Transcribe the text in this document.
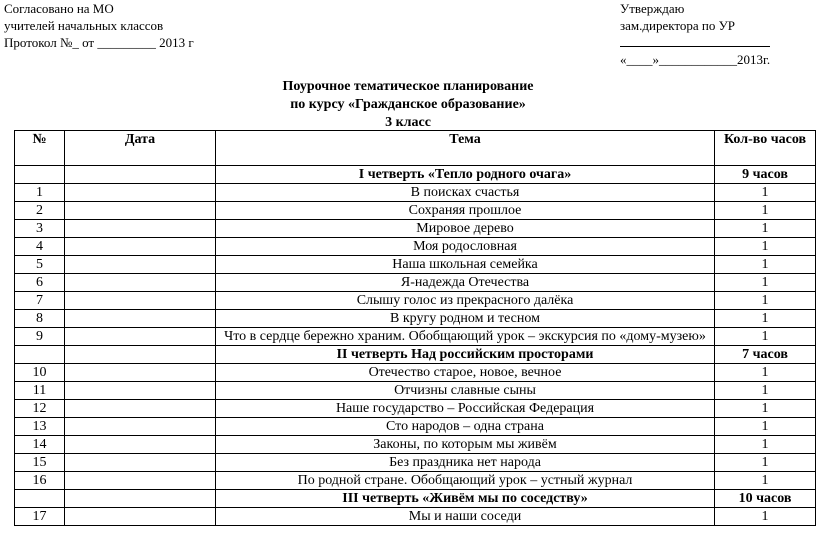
Согласовано на МО
учителей начальных классов
Протокол №_ от _________ 2013 г
Утверждаю
зам.директора по УР
«____»____________2013г.
Поурочное тематическое планирование
по курсу «Гражданское образование»
3 класс
№	Дата	Тема	Кол-во часов
		I четверть «Тепло родного очага»	9 часов
1		В поисках счастья	1
2		Сохраняя прошлое	1
3		Мировое дерево	1
4		Моя родословная	1
5		Наша школьная семейка	1
6		Я-надежда Отечества	1
7		Слышу голос из прекрасного далёка	1
8		В кругу родном и тесном	1
9		Что в сердце бережно храним. Обобщающий урок – экскурсия по «дому-музею»	1
		II четверть Над российским просторами	7 часов
10		Отечество старое, новое, вечное	1
11		Отчизны славные сыны	1
12		Наше государство – Российская Федерация	1
13		Сто народов – одна страна	1
14		Законы, по которым мы живём	1
15		Без праздника нет народа	1
16		По родной стране. Обобщающий урок – устный журнал	1
		III четверть «Живём мы по соседству»	10 часов
17		Мы и наши соседи	1
